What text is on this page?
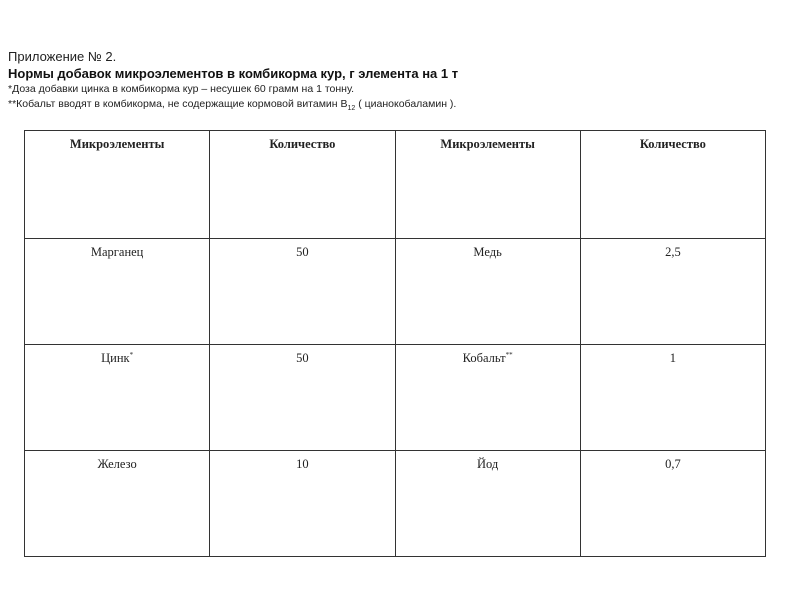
Приложение № 2.
Нормы добавок микроэлементов в комбикорма кур, г элемента на 1 т
*Доза добавки цинка в комбикорма кур – несушек 60 грамм на 1 тонну.
**Кобальт вводят в комбикорма, не содержащие кормовой витамин $В_{12}$ ( цианокобаламин ).
Микроэлементы	Количество	Микроэлементы	Количество
Марганец	50	Медь	2,5
Цинк*	50	Кобальт**	1
Железо	10	Йод	0,7
